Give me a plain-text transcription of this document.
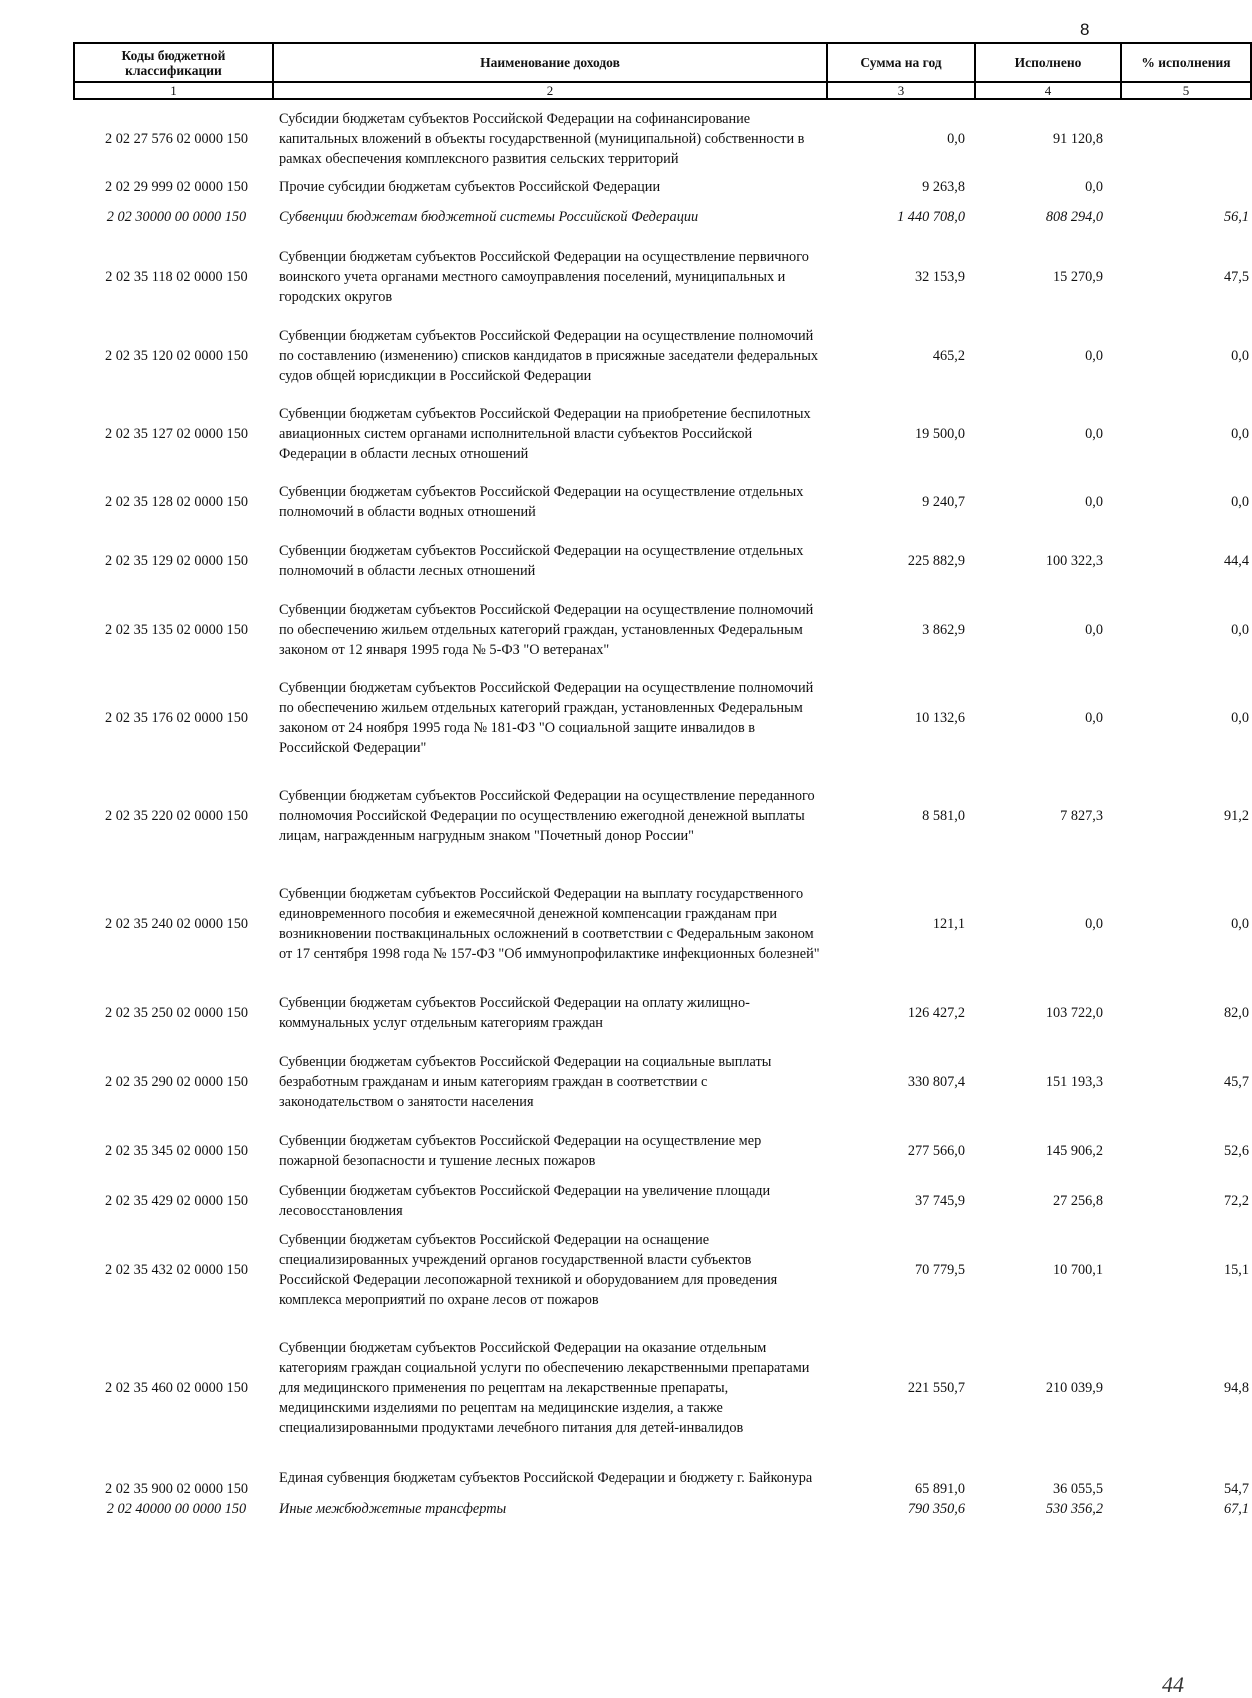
8
Коды бюджетной классификации	Наименование доходов	Сумма на год	Исполнено	% исполнения
1	2	3	4	5
2 02 27 576 02 0000 150	Субсидии бюджетам субъектов Российской Федерации на софинансирование капитальных вложений в объекты государственной (муниципальной) собственности в рамках обеспечения комплексного развития сельских территорий	0,0	91 120,8	
2 02 29 999 02 0000 150	Прочие субсидии бюджетам субъектов Российской Федерации	9 263,8	0,0	
2 02 30000 00 0000 150	Субвенции бюджетам бюджетной системы Российской Федерации	1 440 708,0	808 294,0	56,1
2 02 35 118 02 0000 150	Субвенции бюджетам субъектов Российской Федерации на осуществление первичного воинского учета органами местного самоуправления поселений, муниципальных и городских округов	32 153,9	15 270,9	47,5
2 02 35 120 02 0000 150	Субвенции бюджетам субъектов Российской Федерации на осуществление полномочий по составлению (изменению) списков кандидатов в присяжные заседатели федеральных судов общей юрисдикции в Российской Федерации	465,2	0,0	0,0
2 02 35 127 02 0000 150	Субвенции бюджетам субъектов Российской Федерации на приобретение беспилотных авиационных систем органами исполнительной власти субъектов Российской Федерации в области лесных отношений	19 500,0	0,0	0,0
2 02 35 128 02 0000 150	Субвенции бюджетам субъектов Российской Федерации на осуществление отдельных полномочий в области водных отношений	9 240,7	0,0	0,0
2 02 35 129 02 0000 150	Субвенции бюджетам субъектов Российской Федерации на осуществление отдельных полномочий в области лесных отношений	225 882,9	100 322,3	44,4
2 02 35 135 02 0000 150	Субвенции бюджетам субъектов Российской Федерации на осуществление полномочий по обеспечению жильем отдельных категорий граждан, установленных Федеральным законом от 12 января 1995 года № 5-ФЗ "О ветеранах"	3 862,9	0,0	0,0
2 02 35 176 02 0000 150	Субвенции бюджетам субъектов Российской Федерации на осуществление полномочий по обеспечению жильем отдельных категорий граждан, установленных Федеральным законом от 24 ноября 1995 года № 181-ФЗ "О социальной защите инвалидов в Российской Федерации"	10 132,6	0,0	0,0
2 02 35 220 02 0000 150	Субвенции бюджетам субъектов Российской Федерации на осуществление переданного полномочия Российской Федерации по осуществлению ежегодной денежной выплаты лицам, награжденным нагрудным знаком "Почетный донор России"	8 581,0	7 827,3	91,2
2 02 35 240 02 0000 150	Субвенции бюджетам субъектов Российской Федерации на выплату государственного единовременного пособия и ежемесячной денежной компенсации гражданам при возникновении поствакцинальных осложнений в соответствии с Федеральным законом от 17 сентября 1998 года № 157-ФЗ "Об иммунопрофилактике инфекционных болезней"	121,1	0,0	0,0
2 02 35 250 02 0000 150	Субвенции бюджетам субъектов Российской Федерации на оплату жилищно-коммунальных услуг отдельным категориям граждан	126 427,2	103 722,0	82,0
2 02 35 290 02 0000 150	Субвенции бюджетам субъектов Российской Федерации на социальные выплаты безработным гражданам и иным категориям граждан в соответствии с законодательством о занятости населения	330 807,4	151 193,3	45,7
2 02 35 345 02 0000 150	Субвенции бюджетам субъектов Российской Федерации на осуществление мер пожарной безопасности и тушение лесных пожаров	277 566,0	145 906,2	52,6
2 02 35 429 02 0000 150	Субвенции бюджетам субъектов Российской Федерации на увеличение площади лесовосстановления	37 745,9	27 256,8	72,2
2 02 35 432 02 0000 150	Субвенции бюджетам субъектов Российской Федерации на оснащение специализированных учреждений органов государственной власти субъектов Российской Федерации лесопожарной техникой и оборудованием для проведения комплекса мероприятий по охране лесов от пожаров	70 779,5	10 700,1	15,1
2 02 35 460 02 0000 150	Субвенции бюджетам субъектов Российской Федерации на оказание отдельным категориям граждан социальной услуги по обеспечению лекарственными препаратами для медицинского применения по рецептам на лекарственные препараты, медицинскими изделиями по рецептам на медицинские изделия, а также специализированными продуктами лечебного питания для детей-инвалидов	221 550,7	210 039,9	94,8
2 02 35 900 02 0000 150	Единая субвенция бюджетам субъектов Российской Федерации и бюджету г. Байконура	65 891,0	36 055,5	54,7
2 02 40000 00 0000 150	Иные межбюджетные трансферты	790 350,6	530 356,2	67,1
44
